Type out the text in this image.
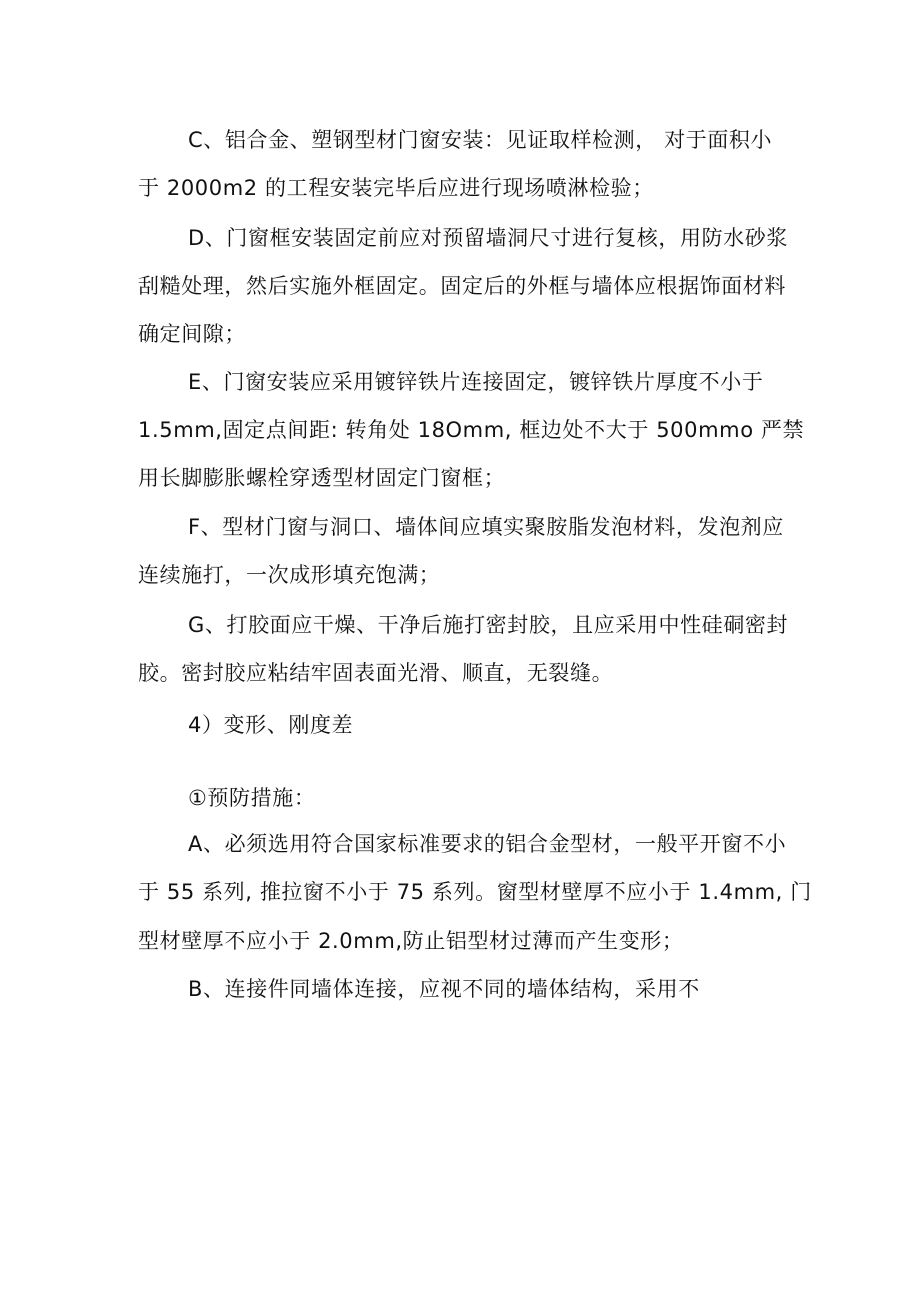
C、铝合金、塑钢型材门窗安装：见证取样检测， 对于面积小
于 2000m2 的工程安装完毕后应进行现场喷淋检验；
D、门窗框安装固定前应对预留墙洞尺寸进行复核，用防水砂浆
刮糙处理，然后实施外框固定。固定后的外框与墙体应根据饰面材料
确定间隙；
E、门窗安装应采用镀锌铁片连接固定，镀锌铁片厚度不小于
1.5mm,固定点间距: 转角处 18Omm, 框边处不大于 500mmo 严禁
用长脚膨胀螺栓穿透型材固定门窗框；
F、型材门窗与洞口、墙体间应填实聚胺脂发泡材料，发泡剂应
连续施打，一次成形填充饱满；
G、打胶面应干燥、干净后施打密封胶，且应采用中性硅硐密封
胶。密封胶应粘结牢固表面光滑、顺直，无裂缝。
4）变形、刚度差
①预防措施：
A、必须选用符合国家标准要求的铝合金型材，一般平开窗不小
于 55 系列, 推拉窗不小于 75 系列。窗型材壁厚不应小于 1.4mm, 门
型材壁厚不应小于 2.0mm,防止铝型材过薄而产生变形；
B、连接件同墙体连接，应视不同的墙体结构，采用不
